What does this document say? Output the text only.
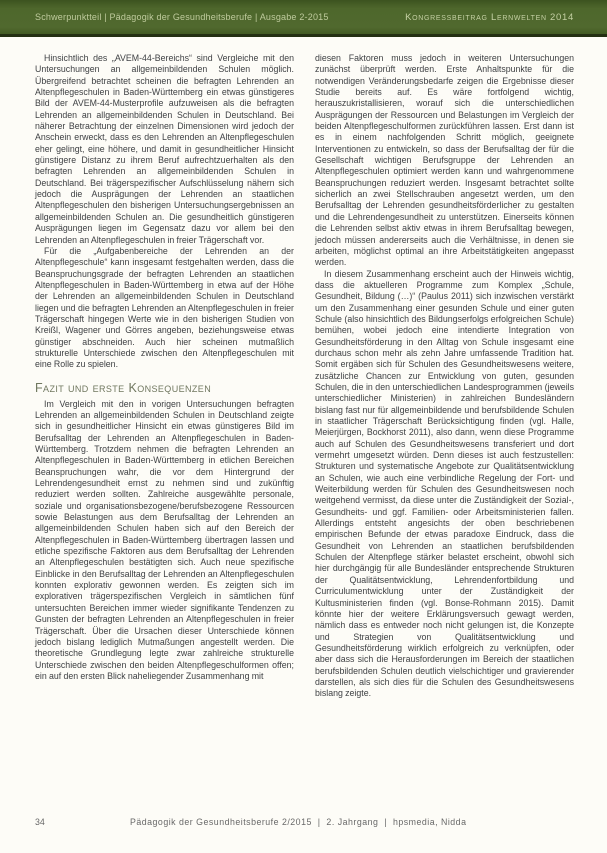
Schwerpunktteil | Pädagogik der Gesundheitsberufe | Ausgabe 2-2015	Kongressbeitrag Lernwelten 2014

Hinsichtlich des „AVEM-44-Bereichs“ sind Vergleiche mit den Untersuchungen an allgemeinbildenden Schulen möglich. Übergreifend betrachtet scheinen die befragten Lehrenden an Altenpflegeschulen in Baden-Württemberg ein etwas günstigeres Bild der AVEM-44-Musterprofile aufzuweisen als die befragten Lehrenden an allgemeinbildenden Schulen in Deutschland. Bei näherer Betrachtung der einzelnen Dimensionen wird jedoch der Anschein erweckt, dass es den Lehrenden an Altenpflegeschulen eher gelingt, eine höhere, und damit in gesundheitlicher Hinsicht günstigere Distanz zu ihrem Beruf aufrechtzuerhalten als den befragten Lehrenden an allgemeinbildenden Schulen in Deutschland. Bei trägerspezifischer Aufschlüsselung nähern sich jedoch die Ausprägungen der Lehrenden an staatlichen Altenpflegeschulen den bisherigen Untersuchungsergebnissen an allgemeinbildenden Schulen an. Die gesundheitlich günstigeren Ausprägungen liegen im Gegensatz dazu vor allem bei den Lehrenden an Altenpflegeschulen in freier Trägerschaft vor.

Für die „Aufgabenbereiche der Lehrenden an der Altenpflegeschule“ kann insgesamt festgehalten werden, dass die Beanspruchungsgrade der befragten Lehrenden an staatlichen Altenpflegeschulen in Baden-Württemberg in etwa auf der Höhe der Lehrenden an allgemeinbildenden Schulen in Deutschland liegen und die befragten Lehrenden an Altenpflegeschulen in freier Trägerschaft hingegen Werte wie in den bisherigen Studien von Kreißl, Wagener und Görres angeben, beziehungsweise etwas günstiger abschneiden. Auch hier scheinen mutmaßlich strukturelle Unterschiede zwischen den Altenpflegeschulen mit eine Rolle zu spielen.

Fazit und erste Konsequenzen

Im Vergleich mit den in vorigen Untersuchungen befragten Lehrenden an allgemeinbildenden Schulen in Deutschland zeigte sich in gesundheitlicher Hinsicht ein etwas günstigeres Bild im Berufsalltag der Lehrenden an Altenpflegeschulen in Baden-Württemberg. Trotzdem nehmen die befragten Lehrenden an Altenpflegeschulen in Baden-Württemberg in etlichen Bereichen Beanspruchungen wahr, die vor dem Hintergrund der Lehrendengesundheit ernst zu nehmen sind und zukünftig reduziert werden sollten. Zahlreiche ausgewählte personale, soziale und organisationsbezogene/berufsbezogene Ressourcen sowie Belastungen aus dem Berufsalltag der Lehrenden an allgemeinbildenden Schulen haben sich auf den Bereich der Altenpflegeschulen in Baden-Württemberg übertragen lassen und etliche spezifische Faktoren aus dem Berufsalltag der Lehrenden an Altenpflegeschulen bestätigten sich. Auch neue spezifische Einblicke in den Berufsalltag der Lehrenden an Altenpflegeschulen konnten explorativ gewonnen werden. Es zeigten sich im explorativen trägerspezifischen Vergleich in sämtlichen fünf untersuchten Bereichen immer wieder signifikante Tendenzen zu Gunsten der befragten Lehrenden an Altenpflegeschulen in freier Trägerschaft. Über die Ursachen dieser Unterschiede können jedoch bislang lediglich Mutmaßungen angestellt werden. Die theoretische Grundlegung legte zwar zahlreiche strukturelle Unterschiede zwischen den beiden Altenpflegeschulformen offen; ein auf den ersten Blick naheliegender Zusammenhang mit

diesen Faktoren muss jedoch in weiteren Untersuchungen zunächst überprüft werden. Erste Anhaltspunkte für die notwendigen Veränderungsbedarfe zeigen die Ergebnisse dieser Studie bereits auf. Es wäre fortfolgend wichtig, herauszukristallisieren, worauf sich die unterschiedlichen Ausprägungen der Ressourcen und Belastungen im Vergleich der beiden Altenpflegeschulformen zurückführen lassen. Erst dann ist es in einem nachfolgenden Schritt möglich, geeignete Interventionen zu entwickeln, so dass der Berufsalltag der für die Gesellschaft wichtigen Berufsgruppe der Lehrenden an Altenpflegeschulen optimiert werden kann und wahrgenommene Beanspruchungen reduziert werden. Insgesamt betrachtet sollte sicherlich an zwei Stellschrauben angesetzt werden, um den Berufsalltag der Lehrenden gesundheitsförderlicher zu gestalten und die Lehrendengesundheit zu unterstützen. Einerseits können die Lehrenden selbst aktiv etwas in ihrem Berufsalltag bewegen, jedoch müssen andererseits auch die Verhältnisse, in denen sie arbeiten, möglichst optimal an ihre Arbeitstätigkeiten angepasst werden.

In diesem Zusammenhang erscheint auch der Hinweis wichtig, dass die aktuelleren Programme zum Komplex „Schule, Gesundheit, Bildung (…)“ (Paulus 2011) sich inzwischen verstärkt um den Zusammenhang einer gesunden Schule und einer guten Schule (also hinsichtlich des Bildungserfolgs erfolgreichen Schule) bemühen, wobei jedoch eine intendierte Integration von Gesundheitsförderung in den Alltag von Schule insgesamt eine durchaus schon mehr als zehn Jahre umfassende Tradition hat. Somit ergäben sich für Schulen des Gesundheitswesens weitere, zusätzliche Chancen zur Entwicklung von guten, gesunden Schulen, die in den unterschiedlichen Landesprogrammen (jeweils unterschiedlicher Ministerien) in zahlreichen Bundesländern bislang fast nur für allgemeinbildende und berufsbildende Schulen in staatlicher Trägerschaft Berücksichtigung finden (vgl. Halle, Meierjürgen, Bockhorst 2011), also dann, wenn diese Programme auch auf Schulen des Gesundheitswesens transferiert und dort vermehrt umgesetzt würden. Denn dieses ist auch festzustellen: Strukturen und systematische Angebote zur Qualitätsentwicklung an Schulen, wie auch eine verbindliche Regelung der Fort- und Weiterbildung werden für Schulen des Gesundheitswesen noch weitgehend vermisst, da diese unter die Zuständigkeit der Sozial-, Gesundheits- und ggf. Familien- oder Arbeitsministerien fallen. Allerdings entsteht angesichts der oben beschriebenen empirischen Befunde der etwas paradoxe Eindruck, dass die Gesundheit von Lehrenden an staatlichen berufsbildenden Schulen der Altenpflege stärker belastet erscheint, obwohl sich hier durchgängig für alle Bundesländer entsprechende Strukturen der Qualitätsentwicklung, Lehrendenfortbildung und Curriculumentwicklung unter der Zuständigkeit der Kultusministerien finden (vgl. Bonse-Rohmann 2015). Damit könnte hier der weitere Erklärungsversuch gewagt werden, nämlich dass es entweder noch nicht gelungen ist, die Konzepte und Strategien von Qualitätsentwicklung und Gesundheitsförderung wirklich erfolgreich zu verknüpfen, oder aber dass sich die Herausforderungen im Bereich der staatlichen berufsbildenden Schulen deutlich vielschichtiger und gravierender darstellen, als sich dies für die Schulen des Gesundheitswesens bislang zeigte.

34	Pädagogik der Gesundheitsberufe 2/2015  |  2. Jahrgang  |  hpsmedia, Nidda
